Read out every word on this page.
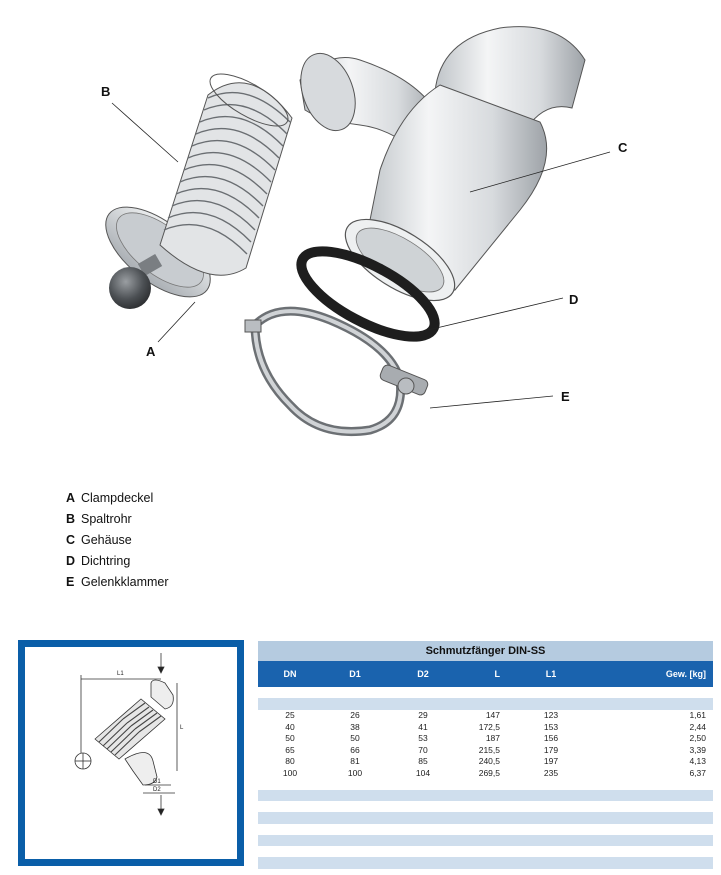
B
A
C
D
E
A Clampdeckel
B Spaltrohr
C Gehäuse
D Dichtring
E Gelenkklammer
L1
L
D1
D2
Schmutzfänger DIN-SS
DN	D1	D2	L	L1	Gew. [kg]
25	26	29	147	123	1,61
40	38	41	172,5	153	2,44
50	50	53	187	156	2,50
65	66	70	215,5	179	3,39
80	81	85	240,5	197	4,13
100	100	104	269,5	235	6,37
